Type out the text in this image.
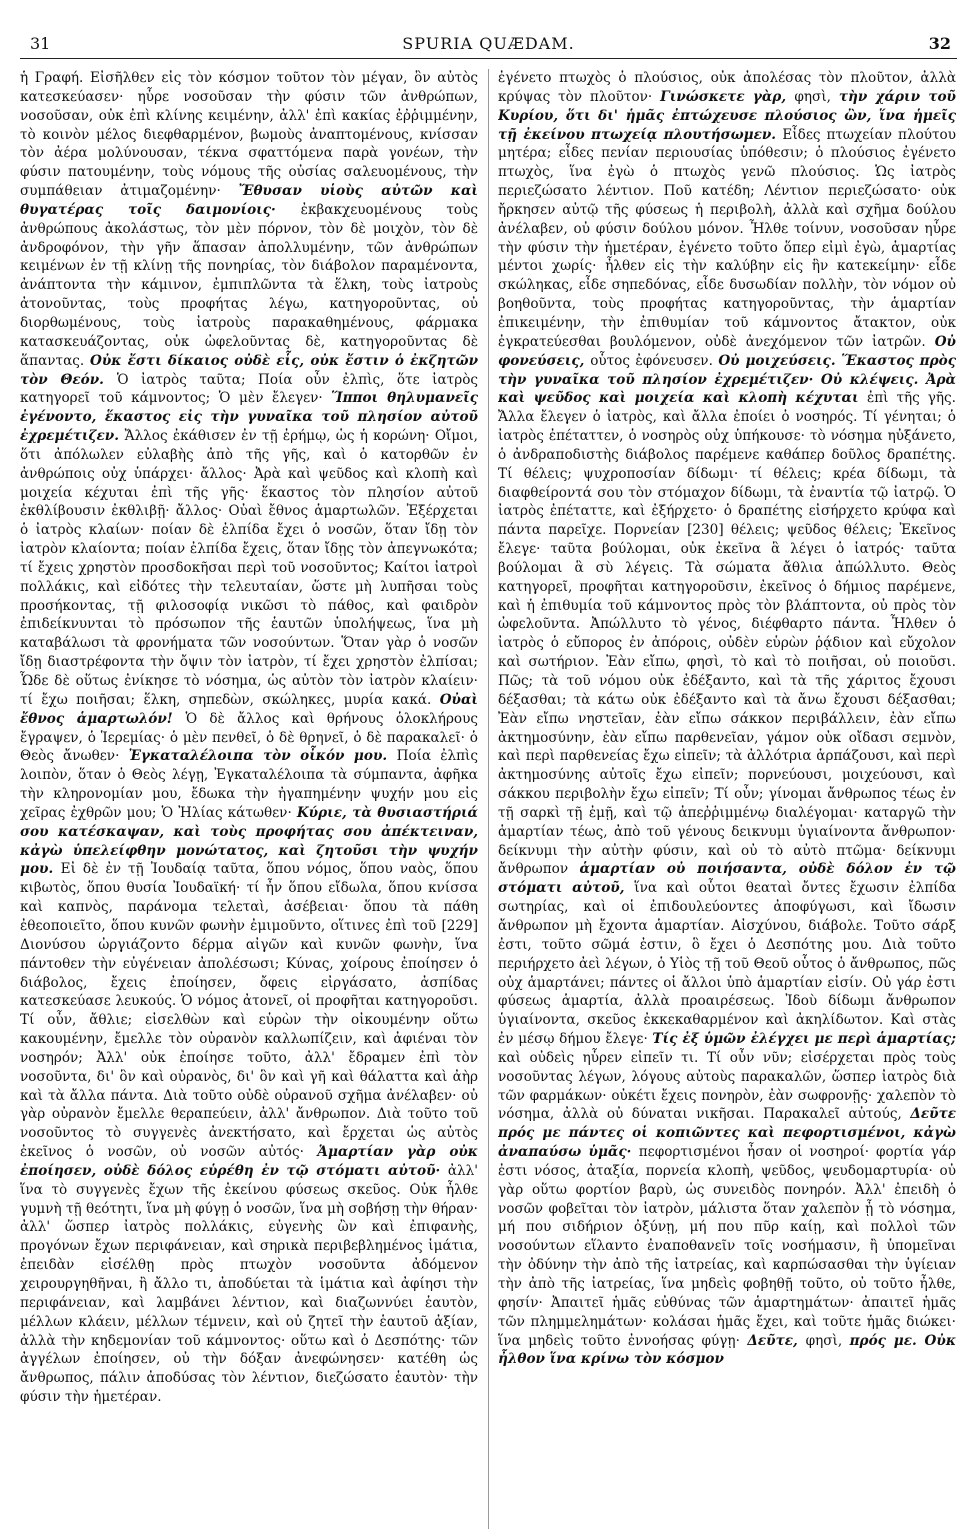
31	SPURIA QUÆDAM.	32

ἡ Γραφή. Εἰσῆλθεν εἰς τὸν κόσμον τοῦτον τὸν μέγαν, ὃν αὐτὸς κατεσκεύασεν· ηὗρε νοσοῦσαν τὴν φύσιν τῶν ἀνθρώπων, νοσοῦσαν, οὐκ ἐπὶ κλίνης κειμένην, ἀλλ' ἐπὶ κακίας ἐῤῥιμμένην, τὸ κοινὸν μέλος διεφθαρμένον, βωμοὺς ἀναπτομένους, κνίσσαν τὸν ἀέρα μολύνουσαν, τέκνα σφαττόμενα παρὰ γονέων, τὴν φύσιν πατουμένην, τοὺς νόμους τῆς οὐσίας σαλευομένους, τὴν συμπάθειαν ἀτιμαζομένην· Ἔθυσαν υἱοὺς αὐτῶν καὶ θυγατέρας τοῖς δαιμονίοις· ἐκβακχευομένους τοὺς ἀνθρώπους ἀκολάστως, τὸν μὲν πόρνον, τὸν δὲ μοιχὸν, τὸν δὲ ἀνδροφόνον, τὴν γῆν ἅπασαν ἀπολλυμένην, τῶν ἀνθρώπων κειμένων ἐν τῇ κλίνῃ τῆς πονηρίας, τὸν διάβολον παραμένοντα, ἀνάπτοντα τὴν κάμινον, ἐμπιπλῶντα τὰ ἕλκη, τοὺς ἰατροὺς ἀτονοῦντας, τοὺς προφήτας λέγω, κατηγοροῦντας, οὐ διορθωμένους, τοὺς ἰατροὺς παρακαθημένους, φάρμακα κατασκευάζοντας, οὐκ ὠφελοῦντας δὲ, κατηγοροῦντας δὲ ἅπαντας. Οὐκ ἔστι δίκαιος οὐδὲ εἷς, οὐκ ἔστιν ὁ ἐκζητῶν τὸν Θεόν. Ὁ ἰατρὸς ταῦτα; Ποία οὖν ἐλπὶς, ὅτε ἰατρὸς κατηγορεῖ τοῦ κάμνοντος; Ὁ μὲν ἔλεγεν· Ἵπποι θηλυμανεῖς ἐγένοντο, ἕκαστος εἰς τὴν γυναῖκα τοῦ πλησίον αὐτοῦ ἐχρεμέτιζεν. Ἄλλος ἐκάθισεν ἐν τῇ ἐρήμῳ, ὡς ἡ κορώνη· Οἴμοι, ὅτι ἀπόλωλεν εὐλαβὴς ἀπὸ τῆς γῆς, καὶ ὁ κατορθῶν ἐν ἀνθρώποις οὐχ ὑπάρχει· ἄλλος· Ἀρὰ καὶ ψεῦδος καὶ κλοπὴ καὶ μοιχεία κέχυται ἐπὶ τῆς γῆς· ἕκαστος τὸν πλησίον αὐτοῦ ἐκθλίβουσιν ἐκθλιβῇ· ἄλλος· Οὐαὶ ἔθνος ἁμαρτωλῶν. Ἐξέρχεται ὁ ἰατρὸς κλαίων· ποίαν δὲ ἐλπίδα ἔχει ὁ νοσῶν, ὅταν ἴδῃ τὸν ἰατρὸν κλαίοντα; ποίαν ἐλπίδα ἔχεις, ὅταν ἴδῃς τὸν ἀπεγνωκότα; τί ἔχεις χρηστὸν προσδοκῆσαι περὶ τοῦ νοσοῦντος; Καίτοι ἰατροὶ πολλάκις, καὶ εἰδότες τὴν τελευταίαν, ὥστε μὴ λυπῆσαι τοὺς προσήκοντας, τῇ φιλοσοφίᾳ νικῶσι τὸ πάθος, καὶ φαιδρὸν ἐπιδείκνυνται τὸ πρόσωπον τῆς ἑαυτῶν ὑπολήψεως, ἵνα μὴ καταβάλωσι τὰ φρονήματα τῶν νοσούντων. Ὅταν γὰρ ὁ νοσῶν ἴδῃ διαστρέφοντα τὴν ὄψιν τὸν ἰατρὸν, τί ἔχει χρηστὸν ἐλπίσαι; Ὧδε δὲ οὕτως ἐνίκησε τὸ νόσημα, ὡς αὐτὸν τὸν ἰατρὸν κλαίειν· τί ἔχω ποιῆσαι; ἕλκη, σηπεδὼν, σκώληκες, μυρία κακά. Οὐαὶ ἔθνος ἁμαρτωλόν! Ὁ δὲ ἄλλος καὶ θρήνους ὁλοκλήρους ἔγραψεν, ὁ Ἱερεμίας· ὁ μὲν πενθεῖ, ὁ δὲ θρηνεῖ, ὁ δὲ παρακαλεῖ· ὁ Θεὸς ἄνωθεν· Ἐγκαταλέλοιπα τὸν οἶκόν μου. Ποία ἐλπὶς λοιπὸν, ὅταν ὁ Θεὸς λέγῃ, Ἐγκαταλέλοιπα τὰ σύμπαντα, ἀφῆκα τὴν κληρονομίαν μου, ἔδωκα τὴν ἠγαπημένην ψυχήν μου εἰς χεῖρας ἐχθρῶν μου; Ὁ Ἠλίας κάτωθεν· Κύριε, τὰ θυσιαστήριά σου κατέσκαψαν, καὶ τοὺς προφήτας σου ἀπέκτειναν, κἀγὼ ὑπελείφθην μονώτατος, καὶ ζητοῦσι τὴν ψυχήν μου. Εἰ δὲ ἐν τῇ Ἰουδαίᾳ ταῦτα, ὅπου νόμος, ὅπου ναὸς, ὅπου κιβωτὸς, ὅπου θυσία Ἰουδαϊκή· τί ἦν ὅπου εἴδωλα, ὅπου κνίσσα καὶ καπνὸς, παράνομα τελεταὶ, ἀσέβειαι· ὅπου τὰ πάθη ἐθεοποιεῖτο, ὅπου κυνῶν φωνὴν ἐμιμοῦντο, οἵτινες ἐπὶ τοῦ [229] Διονύσου ὠργιάζοντο δέρμα αἰγῶν καὶ κυνῶν φωνὴν, ἵνα πάντοθεν τὴν εὐγένειαν ἀπολέσωσι; Κύνας, χοίρους ἐποίησεν ὁ διάβολος, ἔχεις ἐποίησεν, ὄφεις εἰργάσατο, ἀσπίδας κατεσκεύασε λευκούς. Ὁ νόμος ἀτονεῖ, οἱ προφῆται κατηγοροῦσι. Τί οὖν, ἄθλιε; εἰσελθὼν καὶ εὑρὼν τὴν οἰκουμένην οὕτω κακουμένην, ἔμελλε τὸν οὐρανὸν καλλωπίζειν, καὶ ἀφιέναι τὸν νοσηρόν; Ἀλλ' οὐκ ἐποίησε τοῦτο, ἀλλ' ἔδραμεν ἐπὶ τὸν νοσοῦντα, δι' ὃν καὶ οὐρανὸς, δι' ὃν καὶ γῆ καὶ θάλαττα καὶ ἀὴρ καὶ τὰ ἄλλα πάντα. Διὰ τοῦτο οὐδὲ οὐρανοῦ σχῆμα ἀνέλαβεν· οὐ γὰρ οὐρανὸν ἔμελλε θεραπεύειν, ἀλλ' ἄνθρωπον. Διὰ τοῦτο τοῦ νοσοῦντος τὸ συγγενὲς ἀνεκτήσατο, καὶ ἔρχεται ὡς αὐτὸς ἐκεῖνος ὁ νοσῶν, οὐ νοσῶν αὐτός· Ἁμαρτίαν γὰρ οὐκ ἐποίησεν, οὐδὲ δόλος εὑρέθη ἐν τῷ στόματι αὐτοῦ· ἀλλ' ἵνα τὸ συγγενὲς ἔχων τῆς ἐκείνου φύσεως σκεῦος. Οὐκ ἦλθε γυμνὴ τῇ θεότητι, ἵνα μὴ φύγῃ ὁ νοσῶν, ἵνα μὴ σοβήσῃ τὴν θήραν· ἀλλ' ὥσπερ ἰατρὸς πολλάκις, εὐγενὴς ὢν καὶ ἐπιφανὴς, προγόνων ἔχων περιφάνειαν, καὶ σηρικὰ περιβεβλημένος ἱμάτια, ἐπειδὰν εἰσέλθῃ πρὸς πτωχὸν νοσοῦντα ἀδόμενον χειρουργηθῆναι, ἢ ἄλλο τι, ἀποδύεται τὰ ἱμάτια καὶ ἀφίησι τὴν περιφάνειαν, καὶ λαμβάνει λέντιον, καὶ διαζωννύει ἑαυτὸν, μέλλων κλάειν, μέλλων τέμνειν, καὶ οὐ ζητεῖ τὴν ἑαυτοῦ ἀξίαν, ἀλλὰ τὴν κηδεμονίαν τοῦ κάμνοντος· οὕτω καὶ ὁ Δεσπότης· τῶν ἀγγέλων ἐποίησεν, οὐ τὴν δόξαν ἀνεφώνησεν· κατέθη ὡς ἄνθρωπος, πάλιν ἀποδύσας τὸν λέντιον, διεζώσατο ἑαυτὸν· τὴν φύσιν τὴν ἡμετέραν.

ἐγένετο πτωχὸς ὁ πλούσιος, οὐκ ἀπολέσας τὸν πλοῦτον, ἀλλὰ κρύψας τὸν πλοῦτον· Γινώσκετε γὰρ, φησὶ, τὴν χάριν τοῦ Κυρίου, ὅτι δι' ἡμᾶς ἐπτώχευσε πλούσιος ὢν, ἵνα ἡμεῖς τῇ ἐκείνου πτωχείᾳ πλουτήσωμεν. Εἶδες πτωχείαν πλούτου μητέρα; εἶδες πενίαν περιουσίας ὑπόθεσιν; ὁ πλούσιος ἐγένετο πτωχὸς, ἵνα ἐγὼ ὁ πτωχὸς γενῶ πλούσιος. Ὡς ἰατρὸς περιεζώσατο λέντιον. Ποῦ κατέδη; Λέντιον περιεζώσατο· οὐκ ἤρκησεν αὐτῷ τῆς φύσεως ἡ περιβολὴ, ἀλλὰ καὶ σχῆμα δούλου ἀνέλαβεν, οὐ φύσιν δούλου μόνον. Ἦλθε τοίνυν, νοσοῦσαν ηὗρε τὴν φύσιν τὴν ἡμετέραν, ἐγένετο τοῦτο ὅπερ εἰμὶ ἐγὼ, ἁμαρτίας μέντοι χωρίς· ἦλθεν εἰς τὴν καλύβην εἰς ἣν κατεκείμην· εἶδε σκώληκας, εἶδε σηπεδόνας, εἶδε δυσωδίαν πολλὴν, τὸν νόμον οὐ βοηθοῦντα, τοὺς προφήτας κατηγοροῦντας, τὴν ἁμαρτίαν ἐπικειμένην, τὴν ἐπιθυμίαν τοῦ κάμνοντος ἄτακτον, οὐκ ἐγκρατεύεσθαι βουλόμενον, οὐδὲ ἀνεχόμενον τῶν ἰατρῶν. Οὐ φονεύσεις, οὗτος ἐφόνευσεν. Οὐ μοιχεύσεις. Ἕκαστος πρὸς τὴν γυναῖκα τοῦ πλησίον ἐχρεμέτιζεν· Οὐ κλέψεις. Ἀρὰ καὶ ψεῦδος καὶ μοιχεία καὶ κλοπὴ κέχυται ἐπὶ τῆς γῆς. Ἄλλα ἔλεγεν ὁ ἰατρὸς, καὶ ἄλλα ἐποίει ὁ νοσηρός. Τί γένηται; ὁ ἰατρὸς ἐπέταττεν, ὁ νοσηρὸς οὐχ ὑπήκουσε· τὸ νόσημα ηὐξάνετο, ὁ ἀνδραποδιστὴς διάβολος παρέμενε καθάπερ δοῦλος δραπέτης. Τί θέλεις; ψυχροποσίαν δίδωμι· τί θέλεις; κρέα δίδωμι, τὰ διαφθείροντά σου τὸν στόμαχον δίδωμι, τὰ ἐναντία τῷ ἰατρῷ. Ὁ ἰατρὸς ἐπέταττε, καὶ ἐξήρχετο· ὁ δραπέτης εἰσήρχετο κρύφα καὶ πάντα παρεῖχε. Πορνείαν [230] θέλεις; ψεῦδος θέλεις; Ἐκεῖνος ἔλεγε· ταῦτα βούλομαι, οὐκ ἐκεῖνα ἃ λέγει ὁ ἰατρός· ταῦτα βούλομαι ἃ σὺ λέγεις. Τὰ σώματα ἄθλια ἀπώλλυτο. Θεὸς κατηγορεῖ, προφῆται κατηγοροῦσιν, ἐκεῖνος ὁ δήμιος παρέμενε, καὶ ἡ ἐπιθυμία τοῦ κάμνοντος πρὸς τὸν βλάπτοντα, οὐ πρὸς τὸν ὠφελοῦντα. Ἀπώλλυτο τὸ γένος, διέφθαρτο πάντα. Ἦλθεν ὁ ἰατρὸς ὁ εὔπορος ἐν ἀπόροις, οὐδὲν εὑρὼν ῥᾴδιον καὶ εὔχολον καὶ σωτήριον. Ἐὰν εἴπω, φησὶ, τὸ καὶ τὸ ποιῆσαι, οὐ ποιοῦσι. Πῶς; τὰ τοῦ νόμου οὐκ ἐδέξαντο, καὶ τὰ τῆς χάριτος ἔχουσι δέξασθαι; τὰ κάτω οὐκ ἐδέξαντο καὶ τὰ ἄνω ἔχουσι δέξασθαι; Ἐὰν εἴπω νηστεῖαν, ἐὰν εἴπω σάκκον περιβάλλειν, ἐὰν εἴπω ἀκτημοσύνην, ἐὰν εἴπω παρθενεῖαν, γάμον οὐκ οἴδασι σεμνὸν, καὶ περὶ παρθενείας ἔχω εἰπεῖν; τὰ ἀλλότρια ἁρπάζουσι, καὶ περὶ ἀκτημοσύνης αὐτοῖς ἔχω εἰπεῖν; πορνεύουσι, μοιχεύουσι, καὶ σάκκου περιβολὴν ἔχω εἰπεῖν; Τί οὖν; γίνομαι ἄνθρωπος τέως ἐν τῇ σαρκὶ τῇ ἐμῇ, καὶ τῷ ἀπεῤῥιμμένῳ διαλέγομαι· καταργῶ τὴν ἁμαρτίαν τέως, ἀπὸ τοῦ γένους δεικνυμι ὑγιαίνοντα ἄνθρωπον· δείκνυμι τὴν αὐτὴν φύσιν, καὶ οὐ τὸ αὐτὸ πτῶμα· δείκνυμι ἄνθρωπον ἁμαρτίαν οὐ ποιήσαντα, οὐδὲ δόλον ἐν τῷ στόματι αὐτοῦ, ἵνα καὶ οὗτοι θεαταὶ ὄντες ἔχωσιν ἐλπίδα σωτηρίας, καὶ οἱ ἐπιδουλεύοντες ἀποφύγωσι, καὶ ἴδωσιν ἄνθρωπον μὴ ἔχοντα ἁμαρτίαν. Αἰσχύνου, διάβολε. Τοῦτο σάρξ ἐστι, τοῦτο σῶμά ἐστιν, ὃ ἔχει ὁ Δεσπότης μου. Διὰ τοῦτο περιήρχετο ἀεὶ λέγων, ὁ Υἱὸς τῇ τοῦ Θεοῦ οὗτος ὁ ἄνθρωπος, πῶς οὐχ ἁμαρτάνει; πάντες οἱ ἄλλοι ὑπὸ ἁμαρτίαν εἰσίν. Οὐ γάρ ἐστι φύσεως ἁμαρτία, ἀλλὰ προαιρέσεως. Ἰδοὺ δίδωμι ἄνθρωπον ὑγιαίνοντα, σκεῦος ἐκκεκαθαρμένον καὶ ἀκηλίδωτον. Καὶ στὰς ἐν μέσῳ δήμου ἔλεγε· Τίς ἐξ ὑμῶν ἐλέγχει με περὶ ἁμαρτίας; καὶ οὐδεὶς ηὗρεν εἰπεῖν τι. Τί οὖν νῦν; εἰσέρχεται πρὸς τοὺς νοσοῦντας λέγων, λόγους αὐτοὺς παρακαλῶν, ὥσπερ ἰατρὸς διὰ τῶν φαρμάκων· οὐκέτι ἔχεις πονηρὸν, ἐὰν σωφρονῇς· χαλεπὸν τὸ νόσημα, ἀλλὰ οὐ δύναται νικῆσαι. Παρακαλεῖ αὐτούς, Δεῦτε πρός με πάντες οἱ κοπιῶντες καὶ πεφορτισμένοι, κἀγὼ ἀναπαύσω ὑμᾶς· πεφορτισμένοι ἦσαν οἱ νοσηροί· φορτία γάρ ἐστι νόσος, ἀταξία, πορνεία κλοπὴ, ψεῦδος, ψευδομαρτυρία· οὐ γὰρ οὕτω φορτίον βαρὺ, ὡς συνειδὸς πονηρόν. Ἀλλ' ἐπειδὴ ὁ νοσῶν φοβεῖται τὸν ἰατρὸν, μάλιστα ὅταν χαλεπὸν ᾖ τὸ νόσημα, μή που σιδήριον ὀξύνῃ, μή που πῦρ καίῃ, καὶ πολλοὶ τῶν νοσούντων εἵλαντο ἐναποθανεῖν τοῖς νοσήμασιν, ἢ ὑπομεῖναι τὴν ὀδύνην τὴν ἀπὸ τῆς ἰατρείας, καὶ καρπώσασθαι τὴν ὑγίειαν τὴν ἀπὸ τῆς ἰατρείας, ἵνα μηδεὶς φοβηθῇ τοῦτο, οὐ τοῦτο ἦλθε, φησίν· Ἀπαιτεῖ ἡμᾶς εὐθύνας τῶν ἁμαρτημάτων· ἀπαιτεῖ ἡμᾶς τῶν πλημμελημάτων· κολάσαι ἡμᾶς ἔχει, καὶ τοῦτε ἡμᾶς διώκει· ἵνα μηδεὶς τοῦτο ἐννοήσας φύγῃ· Δεῦτε, φησὶ, πρός με. Οὐκ ἦλθον ἵνα κρίνω τὸν κόσμον
